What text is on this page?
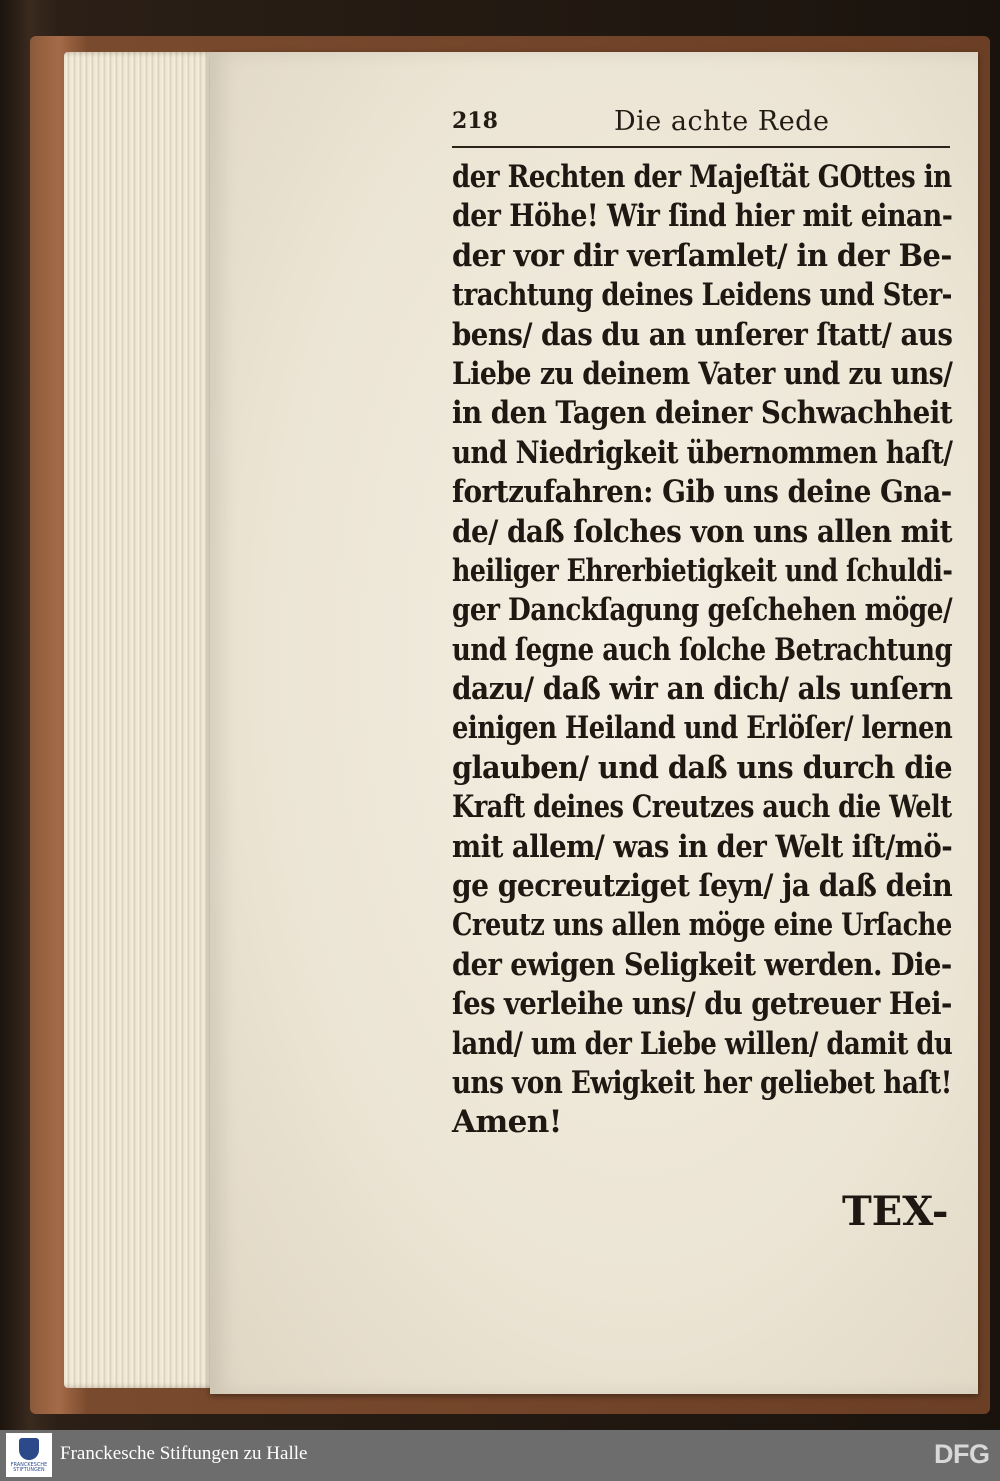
218	Die achte Rede
der Rechten der Majeſtät GOttes in
der Höhe! Wir ſind hier mit einan-
der vor dir verſamlet/ in der Be-
trachtung deines Leidens und Ster-
bens/ das du an unſerer ſtatt/ aus
Liebe zu deinem Vater und zu uns/
in den Tagen deiner Schwachheit
und Niedrigkeit übernommen haſt/
fortzufahren: Gib uns deine Gna-
de/ daß ſolches von uns allen mit
heiliger Ehrerbietigkeit und ſchuldi-
ger Danckſagung geſchehen möge/
und ſegne auch ſolche Betrachtung
dazu/ daß wir an dich/ als unſern
einigen Heiland und Erlöſer/ lernen
glauben/ und daß uns durch die
Kraft deines Creutzes auch die Welt
mit allem/ was in der Welt iſt/mö-
ge gecreutziget ſeyn/ ja daß dein
Creutz uns allen möge eine Urſache
der ewigen Seligkeit werden. Die-
ſes verleihe uns/ du getreuer Hei-
land/ um der Liebe willen/ damit du
uns von Ewigkeit her geliebet haſt!
Amen!
TEX-
FRANCKESCHE
STIFTUNGEN
Franckesche Stiftungen zu Halle	DFG
